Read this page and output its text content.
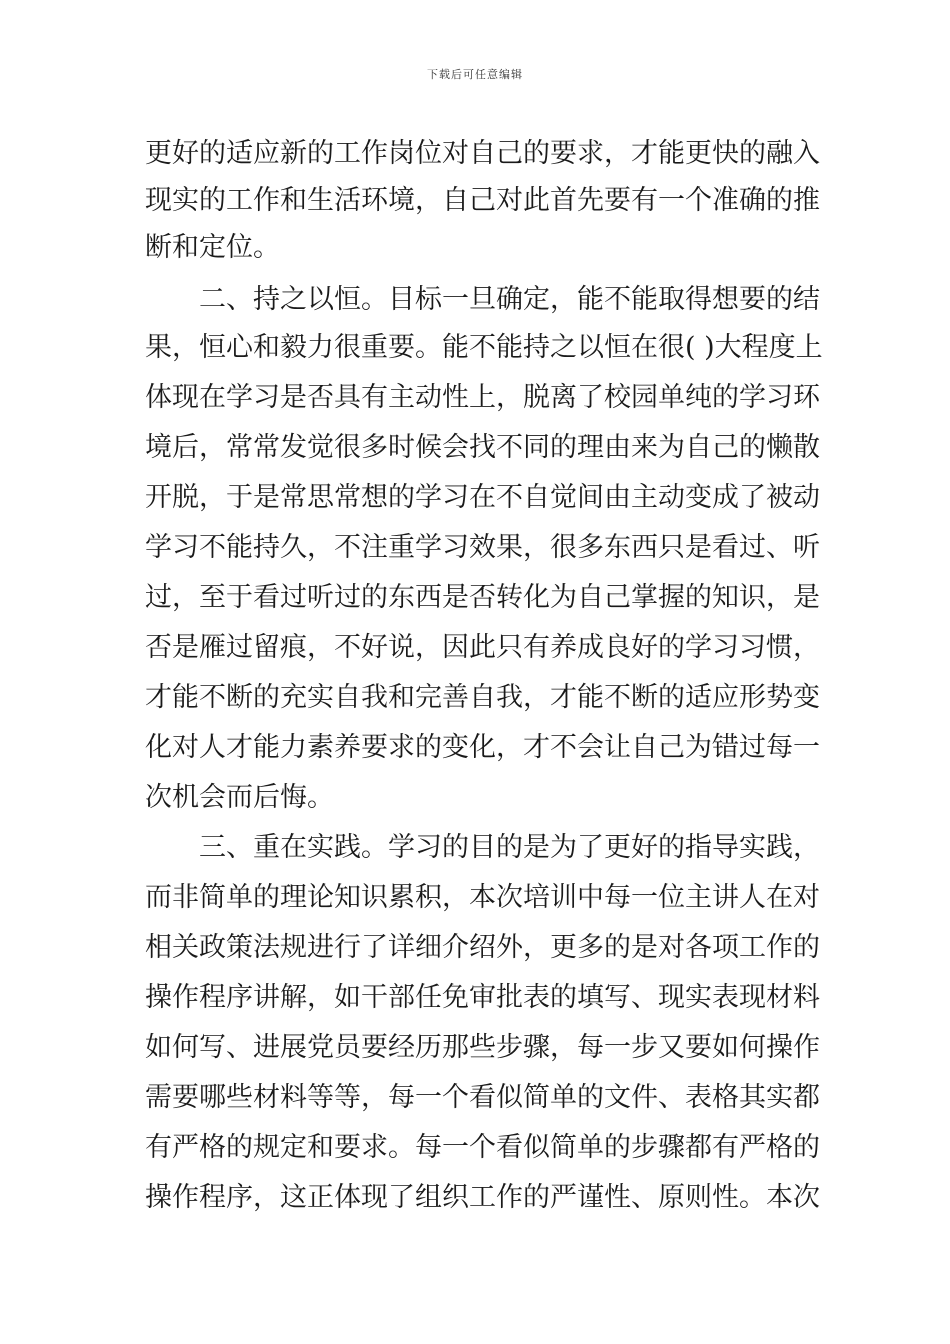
下载后可任意编辑
更好的适应新的工作岗位对自己的要求，才能更快的融入
现实的工作和生活环境，自己对此首先要有一个准确的推
断和定位。
二、持之以恒。目标一旦确定，能不能取得想要的结
果，恒心和毅力很重要。能不能持之以恒在很( )大程度上
体现在学习是否具有主动性上，脱离了校园单纯的学习环
境后，常常发觉很多时候会找不同的理由来为自己的懒散
开脱，于是常思常想的学习在不自觉间由主动变成了被动
学习不能持久，不注重学习效果，很多东西只是看过、听
过，至于看过听过的东西是否转化为自己掌握的知识，是
否是雁过留痕，不好说，因此只有养成良好的学习习惯，
才能不断的充实自我和完善自我，才能不断的适应形势变
化对人才能力素养要求的变化，才不会让自己为错过每一
次机会而后悔。
三、重在实践。学习的目的是为了更好的指导实践，
而非简单的理论知识累积，本次培训中每一位主讲人在对
相关政策法规进行了详细介绍外，更多的是对各项工作的
操作程序讲解，如干部任免审批表的填写、现实表现材料
如何写、进展党员要经历那些步骤，每一步又要如何操作
需要哪些材料等等，每一个看似简单的文件、表格其实都
有严格的规定和要求。每一个看似简单的步骤都有严格的
操作程序，这正体现了组织工作的严谨性、原则性。本次
